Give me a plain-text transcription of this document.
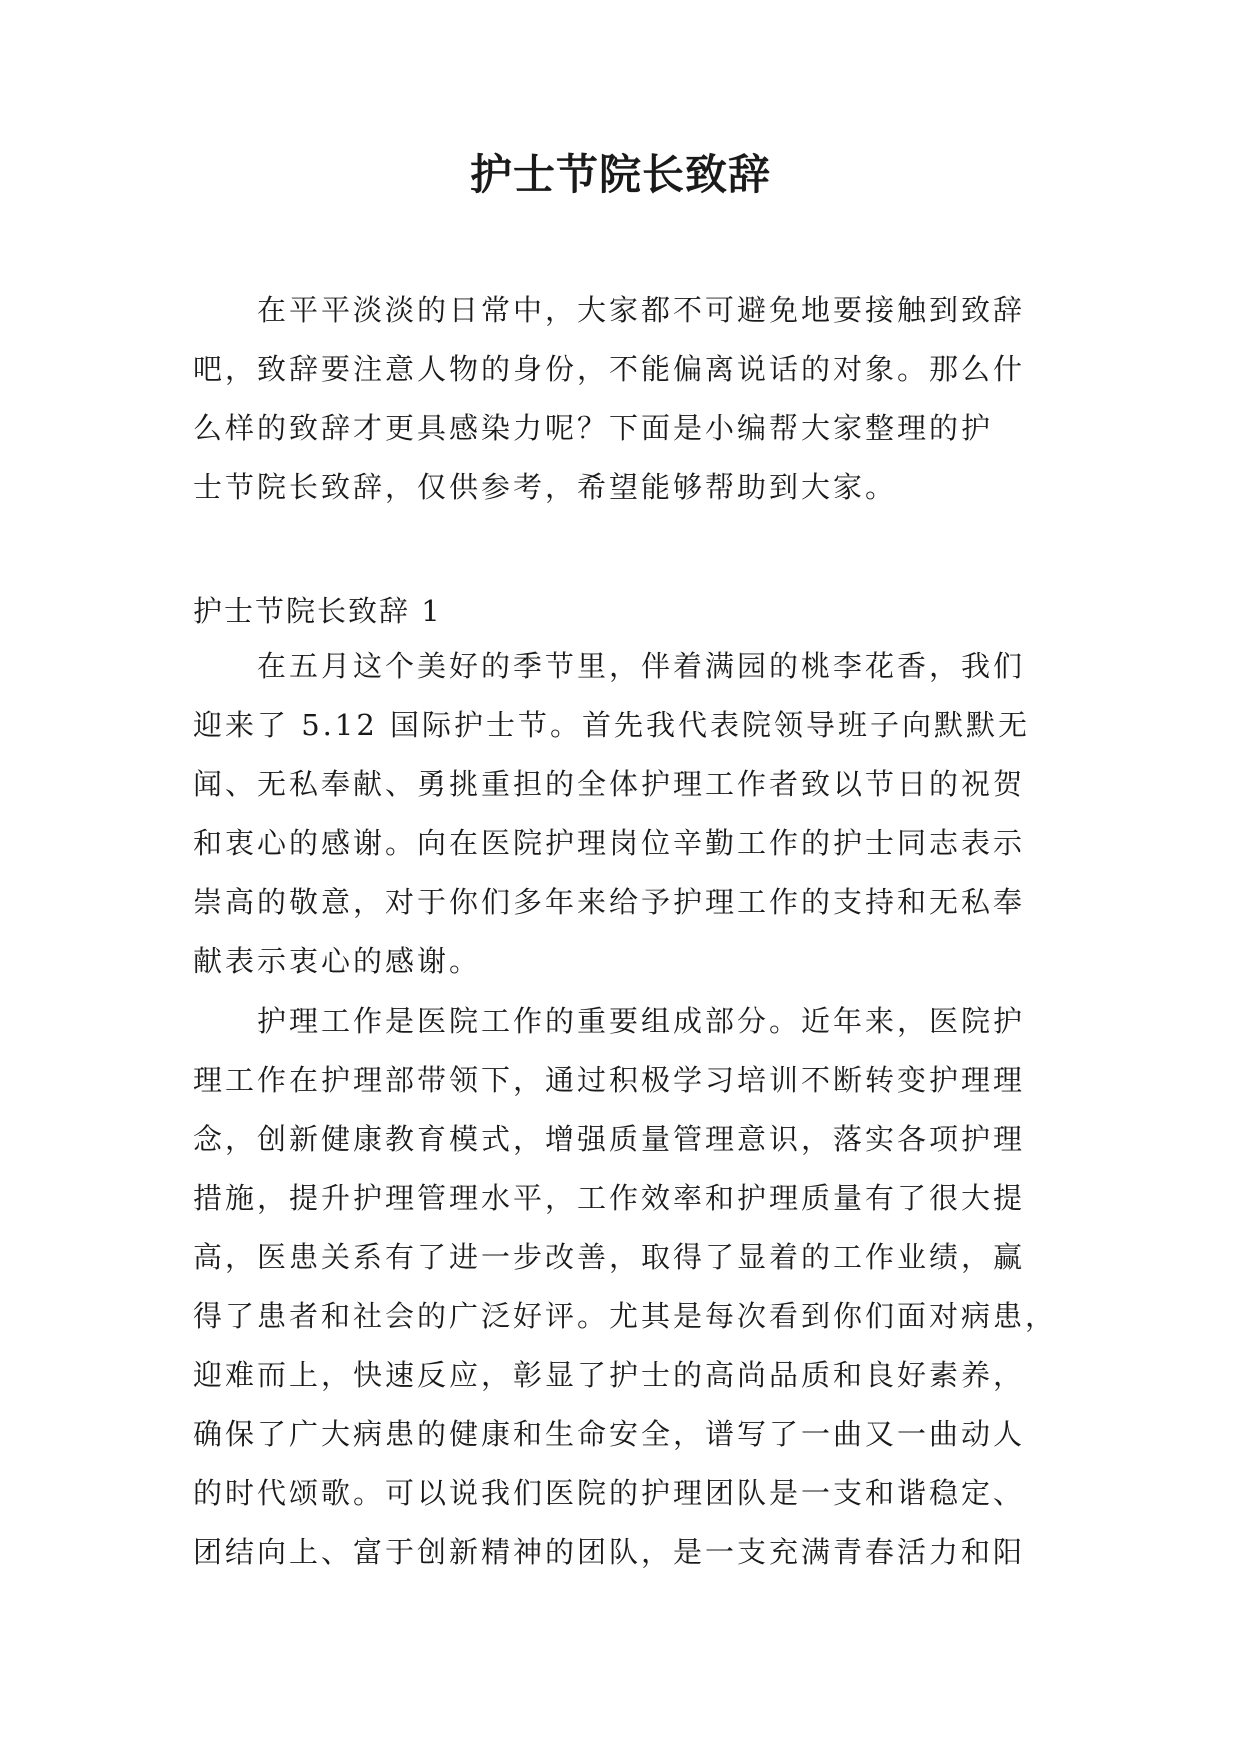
护士节院长致辞
在平平淡淡的日常中，大家都不可避免地要接触到致辞
吧，致辞要注意人物的身份，不能偏离说话的对象。那么什
么样的致辞才更具感染力呢？下面是小编帮大家整理的护
士节院长致辞，仅供参考，希望能够帮助到大家。

护士节院长致辞 1

在五月这个美好的季节里，伴着满园的桃李花香，我们
迎来了 5.12 国际护士节。首先我代表院领导班子向默默无
闻、无私奉献、勇挑重担的全体护理工作者致以节日的祝贺
和衷心的感谢。向在医院护理岗位辛勤工作的护士同志表示
崇高的敬意，对于你们多年来给予护理工作的支持和无私奉
献表示衷心的感谢。
护理工作是医院工作的重要组成部分。近年来，医院护
理工作在护理部带领下，通过积极学习培训不断转变护理理
念，创新健康教育模式，增强质量管理意识，落实各项护理
措施，提升护理管理水平，工作效率和护理质量有了很大提
高，医患关系有了进一步改善，取得了显着的工作业绩，赢
得了患者和社会的广泛好评。尤其是每次看到你们面对病患，
迎难而上，快速反应，彰显了护士的高尚品质和良好素养，
确保了广大病患的健康和生命安全，谱写了一曲又一曲动人
的时代颂歌。可以说我们医院的护理团队是一支和谐稳定、
团结向上、富于创新精神的团队，是一支充满青春活力和阳
